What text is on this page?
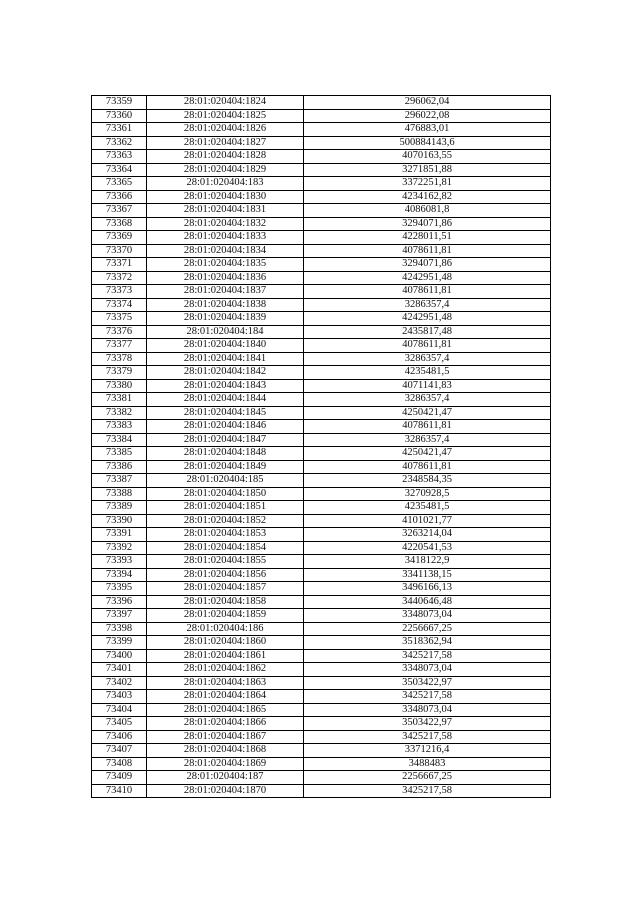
73359	28:01:020404:1824	296062,04
73360	28:01:020404:1825	296022,08
73361	28:01:020404:1826	476883,01
73362	28:01:020404:1827	500884143,6
73363	28:01:020404:1828	4070163,55
73364	28:01:020404:1829	3271851,88
73365	28:01:020404:183	3372251,81
73366	28:01:020404:1830	4234162,82
73367	28:01:020404:1831	4086081,8
73368	28:01:020404:1832	3294071,86
73369	28:01:020404:1833	4228011,51
73370	28:01:020404:1834	4078611,81
73371	28:01:020404:1835	3294071,86
73372	28:01:020404:1836	4242951,48
73373	28:01:020404:1837	4078611,81
73374	28:01:020404:1838	3286357,4
73375	28:01:020404:1839	4242951,48
73376	28:01:020404:184	2435817,48
73377	28:01:020404:1840	4078611,81
73378	28:01:020404:1841	3286357,4
73379	28:01:020404:1842	4235481,5
73380	28:01:020404:1843	4071141,83
73381	28:01:020404:1844	3286357,4
73382	28:01:020404:1845	4250421,47
73383	28:01:020404:1846	4078611,81
73384	28:01:020404:1847	3286357,4
73385	28:01:020404:1848	4250421,47
73386	28:01:020404:1849	4078611,81
73387	28:01:020404:185	2348584,35
73388	28:01:020404:1850	3270928,5
73389	28:01:020404:1851	4235481,5
73390	28:01:020404:1852	4101021,77
73391	28:01:020404:1853	3263214,04
73392	28:01:020404:1854	4220541,53
73393	28:01:020404:1855	3418122,9
73394	28:01:020404:1856	3341138,15
73395	28:01:020404:1857	3496166,13
73396	28:01:020404:1858	3440646,48
73397	28:01:020404:1859	3348073,04
73398	28:01:020404:186	2256667,25
73399	28:01:020404:1860	3518362,94
73400	28:01:020404:1861	3425217,58
73401	28:01:020404:1862	3348073,04
73402	28:01:020404:1863	3503422,97
73403	28:01:020404:1864	3425217,58
73404	28:01:020404:1865	3348073,04
73405	28:01:020404:1866	3503422,97
73406	28:01:020404:1867	3425217,58
73407	28:01:020404:1868	3371216,4
73408	28:01:020404:1869	3488483
73409	28:01:020404:187	2256667,25
73410	28:01:020404:1870	3425217,58
